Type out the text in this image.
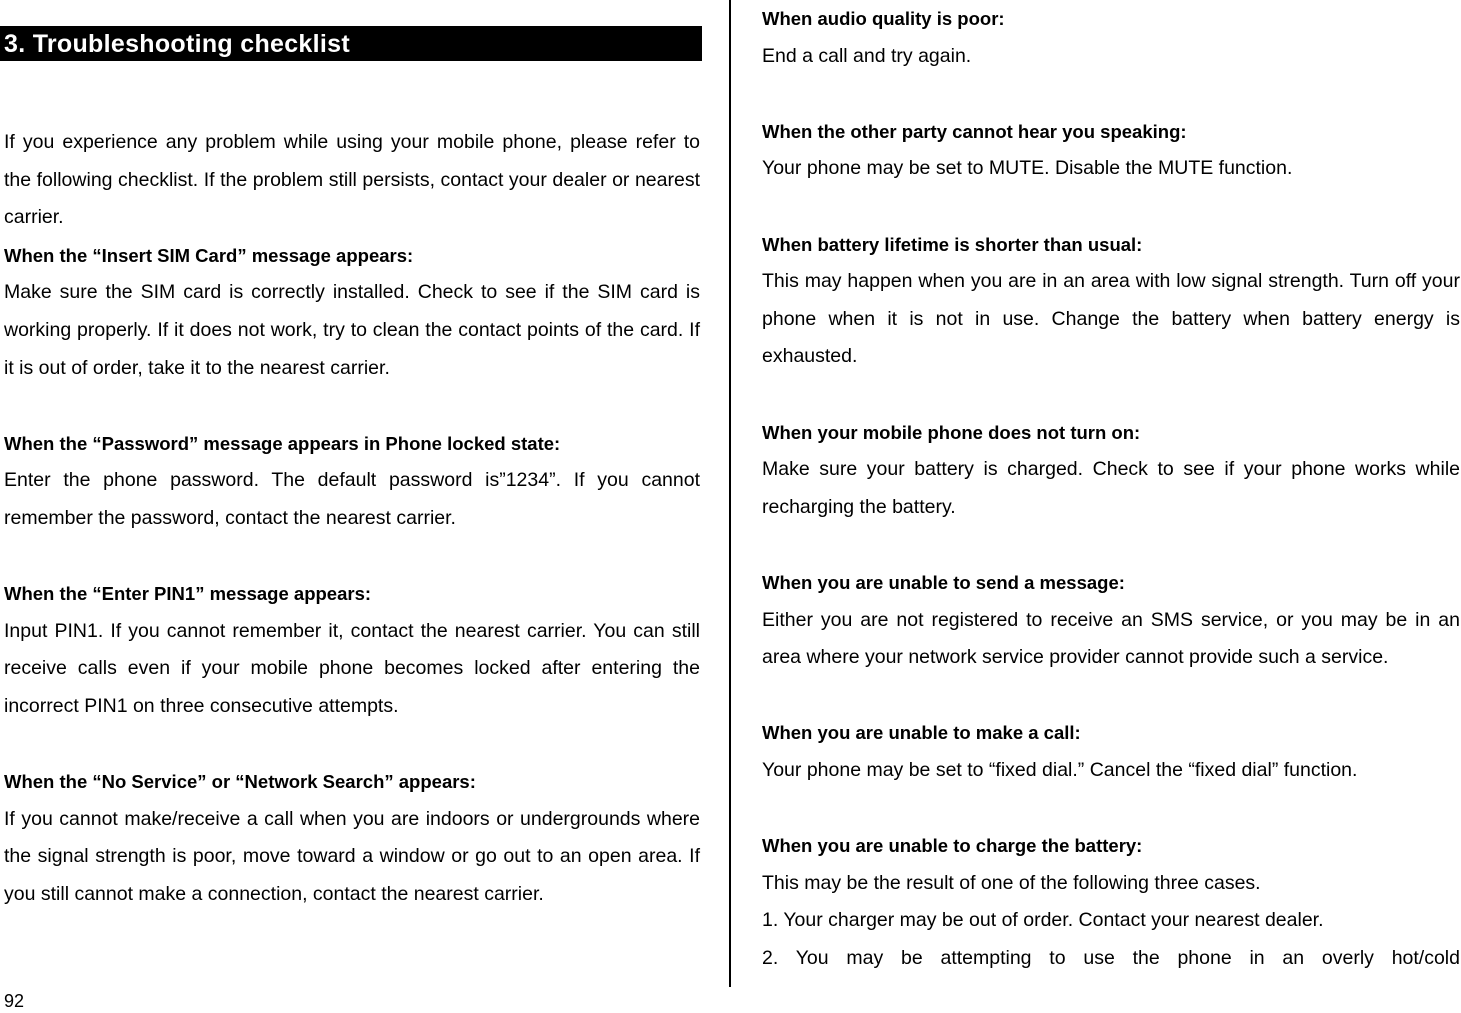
3. Troubleshooting checklist

If you experience any problem while using your mobile phone, please refer to the following checklist. If the problem still persists, contact your dealer or nearest carrier.

When the “Insert SIM Card” message appears:

Make sure the SIM card is correctly installed. Check to see if the SIM card is working properly. If it does not work, try to clean the contact points of the card. If it is out of order, take it to the nearest carrier.

When the “Password” message appears in Phone locked state:

Enter the phone password. The default password is”1234”. If you cannot remember the password, contact the nearest carrier.

When the “Enter PIN1” message appears:

Input PIN1. If you cannot remember it, contact the nearest carrier. You can still receive calls even if your mobile phone becomes locked after entering the incorrect PIN1 on three consecutive attempts.

When the “No Service” or “Network Search” appears:

If you cannot make/receive a call when you are indoors or undergrounds where the signal strength is poor, move toward a window or go out to an open area. If you still cannot make a connection, contact the nearest carrier.

When audio quality is poor:

End a call and try again.

When the other party cannot hear you speaking:

Your phone may be set to MUTE. Disable the MUTE function.

When battery lifetime is shorter than usual:

This may happen when you are in an area with low signal strength. Turn off your phone when it is not in use. Change the battery when battery energy is exhausted.

When your mobile phone does not turn on:

Make sure your battery is charged. Check to see if your phone works while recharging the battery.

When you are unable to send a message:

Either you are not registered to receive an SMS service, or you may be in an area where your network service provider cannot provide such a service.

When you are unable to make a call:

Your phone may be set to “fixed dial.” Cancel the “fixed dial” function.

When you are unable to charge the battery:

This may be the result of one of the following three cases.

1. Your charger may be out of order. Contact your nearest dealer.

2. You may be attempting to use the phone in an overly hot/cold

92
